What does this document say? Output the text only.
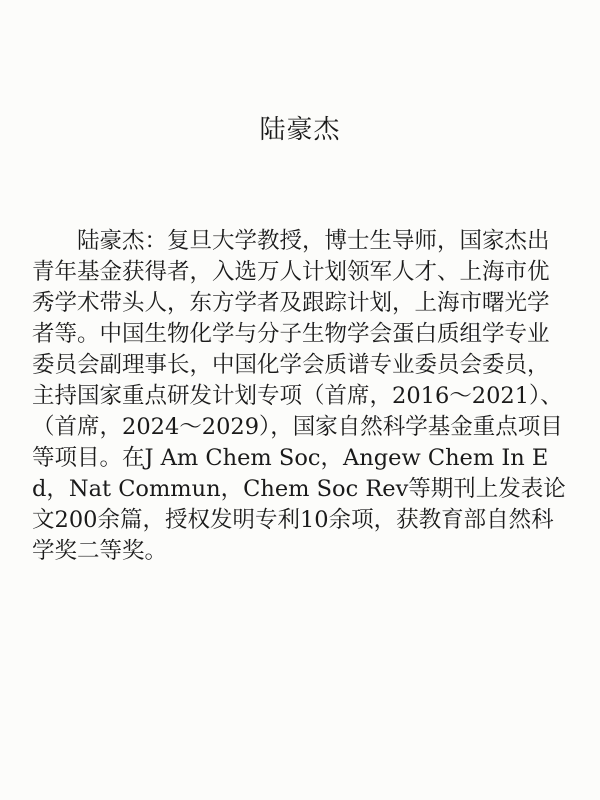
陆豪杰

陆豪杰：复旦大学教授，博士生导师，国家杰出青年基金获得者，入选万人计划领军人才、上海市优秀学术带头人，东方学者及跟踪计划，上海市曙光学者等。中国生物化学与分子生物学会蛋白质组学专业委员会副理事长，中国化学会质谱专业委员会委员，主持国家重点研发计划专项（首席，2016～2021）、（首席，2024～2029），国家自然科学基金重点项目等项目。在J Am Chem Soc，Angew Chem In Ed，Nat Commun，Chem Soc Rev等期刊上发表论文200余篇，授权发明专利10余项，获教育部自然科学奖二等奖。
